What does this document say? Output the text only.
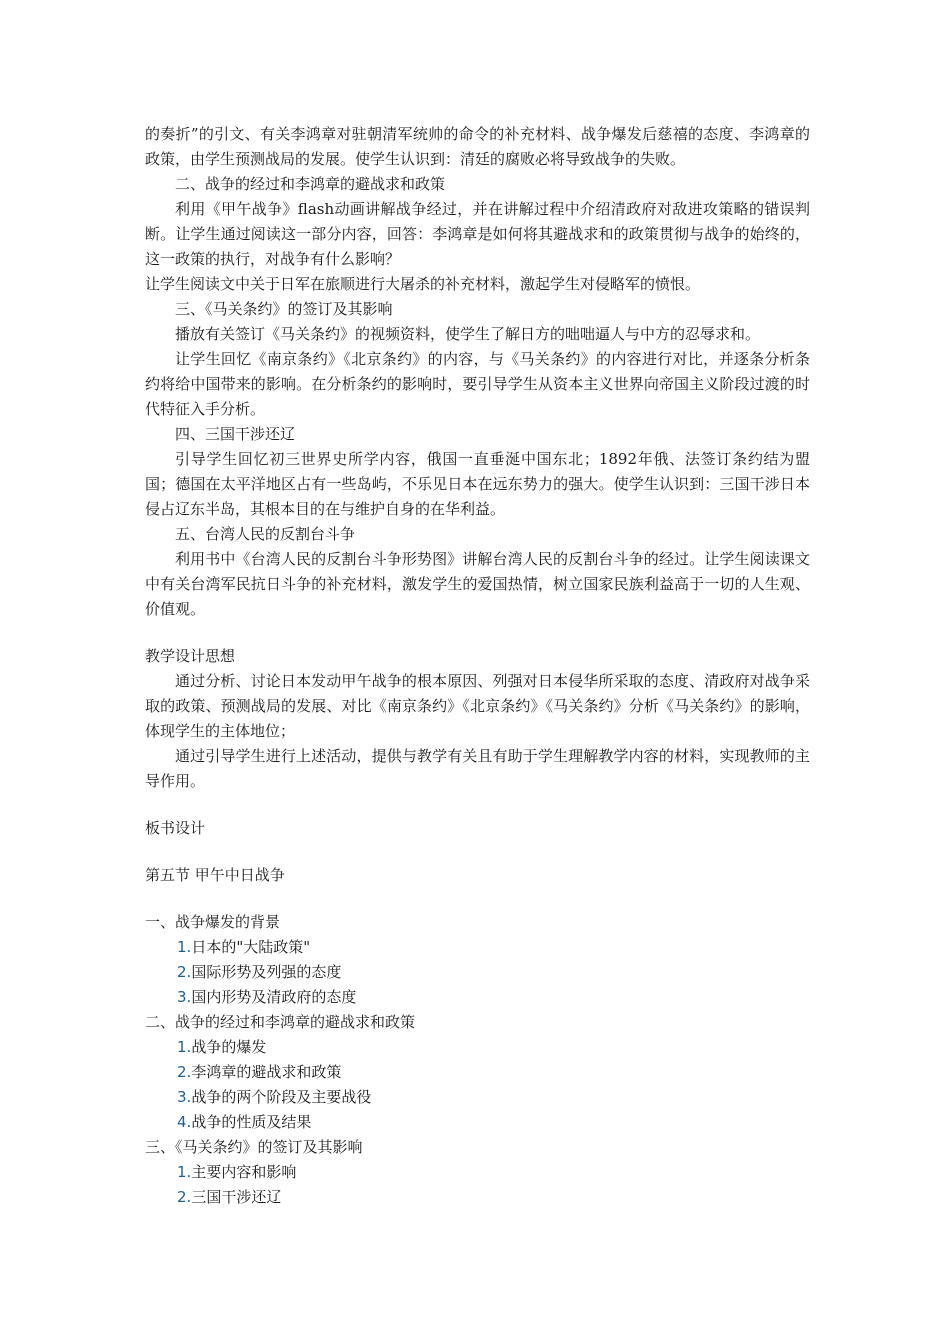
的奏折”的引文、有关李鸿章对驻朝清军统帅的命令的补充材料、战争爆发后慈禧的态度、李鸿章的政策，由学生预测战局的发展。使学生认识到：清廷的腐败必将导致战争的失败。

二、战争的经过和李鸿章的避战求和政策

利用《甲午战争》flash动画讲解战争经过，并在讲解过程中介绍清政府对敌进攻策略的错误判断。让学生通过阅读这一部分内容，回答：李鸿章是如何将其避战求和的政策贯彻与战争的始终的，这一政策的执行，对战争有什么影响？

让学生阅读文中关于日军在旅顺进行大屠杀的补充材料，激起学生对侵略军的愤恨。

三、《马关条约》的签订及其影响

播放有关签订《马关条约》的视频资料，使学生了解日方的咄咄逼人与中方的忍辱求和。

让学生回忆《南京条约》《北京条约》的内容，与《马关条约》的内容进行对比，并逐条分析条约将给中国带来的影响。在分析条约的影响时，要引导学生从资本主义世界向帝国主义阶段过渡的时代特征入手分析。

四、三国干涉还辽

引导学生回忆初三世界史所学内容，俄国一直垂涎中国东北；1892年俄、法签订条约结为盟国；德国在太平洋地区占有一些岛屿，不乐见日本在远东势力的强大。使学生认识到：三国干涉日本侵占辽东半岛，其根本目的在与维护自身的在华利益。

五、台湾人民的反割台斗争

利用书中《台湾人民的反割台斗争形势图》讲解台湾人民的反割台斗争的经过。让学生阅读课文中有关台湾军民抗日斗争的补充材料，激发学生的爱国热情，树立国家民族利益高于一切的人生观、价值观。

教学设计思想

通过分析、讨论日本发动甲午战争的根本原因、列强对日本侵华所采取的态度、清政府对战争采取的政策、预测战局的发展、对比《南京条约》《北京条约》《马关条约》分析《马关条约》的影响，体现学生的主体地位；

通过引导学生进行上述活动，提供与教学有关且有助于学生理解教学内容的材料，实现教师的主导作用。

板书设计

第五节 甲午中日战争

一、战争爆发的背景

1.日本的"大陆政策"

2.国际形势及列强的态度

3.国内形势及清政府的态度

二、战争的经过和李鸿章的避战求和政策

1.战争的爆发

2.李鸿章的避战求和政策

3.战争的两个阶段及主要战役

4.战争的性质及结果

三、《马关条约》的签订及其影响

1.主要内容和影响

2.三国干涉还辽
